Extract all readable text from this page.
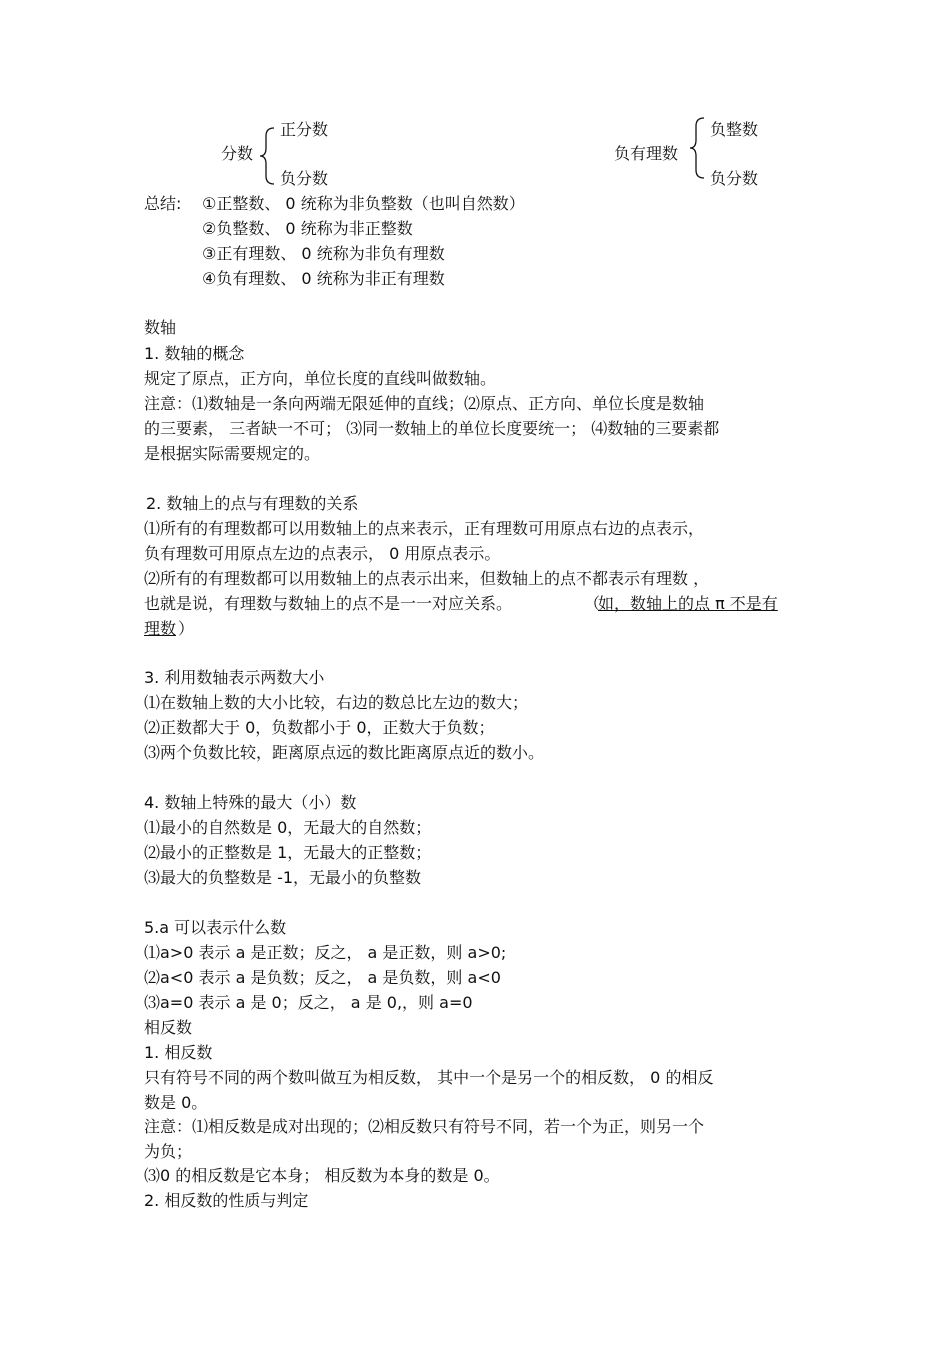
分数
正分数
负分数
负有理数
负整数
负分数
总结: ①正整数、 0 统称为非负整数（也叫自然数）
②负整数、 0 统称为非正整数
③正有理数、 0 统称为非负有理数
④负有理数、 0 统称为非正有理数
数轴
1. 数轴的概念
规定了原点，正方向，单位长度的直线叫做数轴。
注意：⑴数轴是一条向两端无限延伸的直线；⑵原点、正方向、单位长度是数轴
的三要素， 三者缺一不可； ⑶同一数轴上的单位长度要统一； ⑷数轴的三要素都
是根据实际需要规定的。
2. 数轴上的点与有理数的关系
⑴所有的有理数都可以用数轴上的点来表示，正有理数可用原点右边的点表示，
负有理数可用原点左边的点表示， 0 用原点表示。
⑵所有的有理数都可以用数轴上的点表示出来，但数轴上的点不都表示有理数 ，
也就是说，有理数与数轴上的点不是一一对应关系。	（
如，数轴上的点 π 不是有
理数 ）
3. 利用数轴表示两数大小
⑴在数轴上数的大小比较，右边的数总比左边的数大；
⑵正数都大于 0，负数都小于 0，正数大于负数；
⑶两个负数比较，距离原点远的数比距离原点近的数小。
4. 数轴上特殊的最大（小）数
⑴最小的自然数是 0，无最大的自然数；
⑵最小的正整数是 1，无最大的正整数；
⑶最大的负整数是 -1，无最小的负整数
5.a 可以表示什么数
⑴a>0 表示 a 是正数；反之， a 是正数，则 a>0;
⑵a<0 表示 a 是负数；反之， a 是负数，则 a<0
⑶a=0 表示 a 是 0；反之， a 是 0,，则 a=0
相反数
1. 相反数
只有符号不同的两个数叫做互为相反数， 其中一个是另一个的相反数， 0 的相反
数是 0。
注意：⑴相反数是成对出现的；⑵相反数只有符号不同，若一个为正，则另一个
为负；
⑶0 的相反数是它本身； 相反数为本身的数是 0。
2. 相反数的性质与判定
